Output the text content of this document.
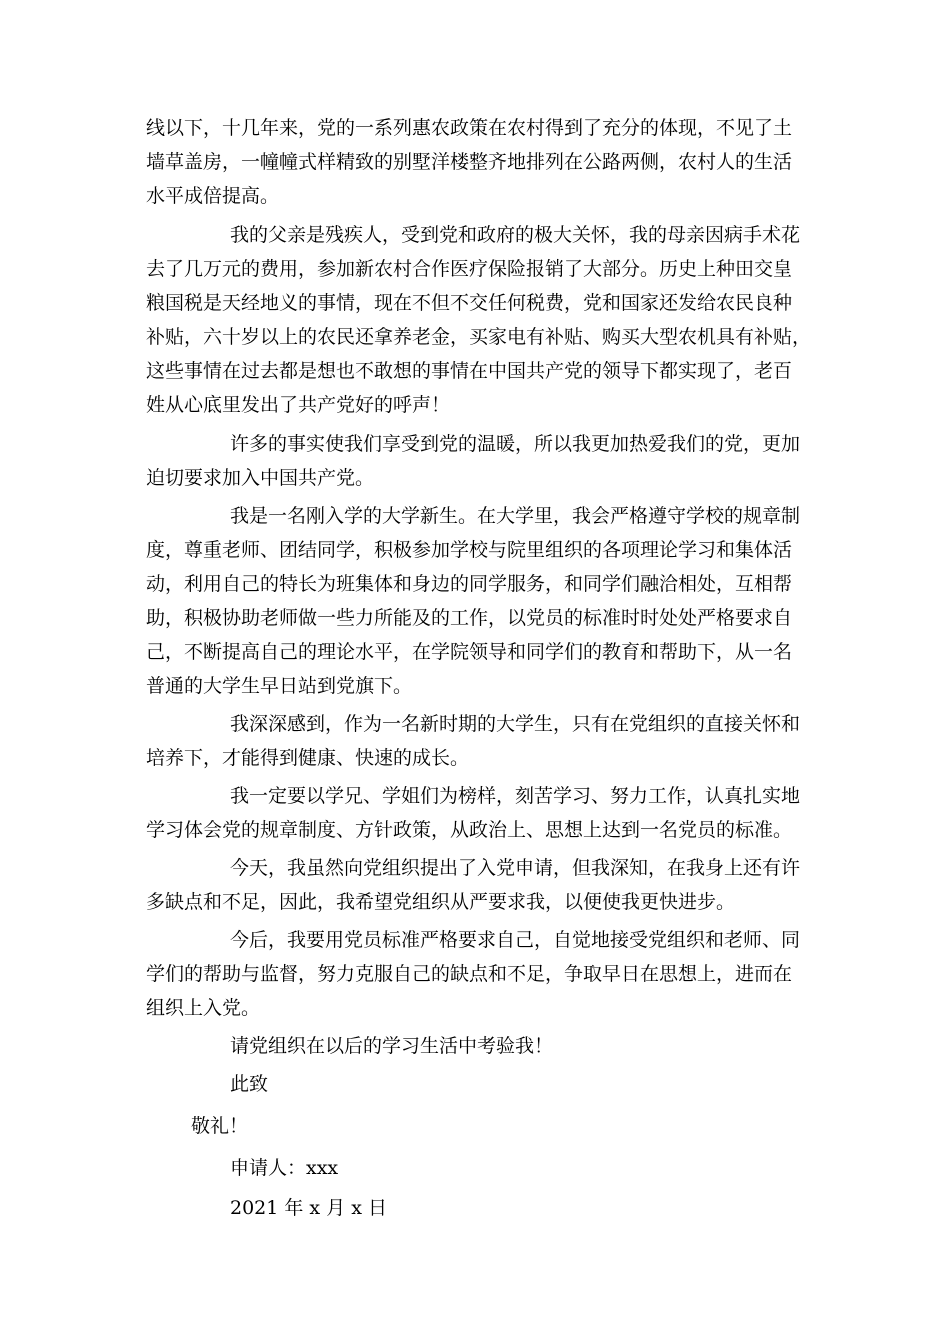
线以下，十几年来，党的一系列惠农政策在农村得到了充分的体现，不见了土
墙草盖房，一幢幢式样精致的别墅洋楼整齐地排列在公路两侧，农村人的生活
水平成倍提高。
我的父亲是残疾人，受到党和政府的极大关怀，我的母亲因病手术花
去了几万元的费用，参加新农村合作医疗保险报销了大部分。历史上种田交皇
粮国税是天经地义的事情，现在不但不交任何税费，党和国家还发给农民良种
补贴，六十岁以上的农民还拿养老金，买家电有补贴、购买大型农机具有补贴，
这些事情在过去都是想也不敢想的事情在中国共产党的领导下都实现了，老百
姓从心底里发出了共产党好的呼声！
许多的事实使我们享受到党的温暖，所以我更加热爱我们的党，更加
迫切要求加入中国共产党。
我是一名刚入学的大学新生。在大学里，我会严格遵守学校的规章制
度，尊重老师、团结同学，积极参加学校与院里组织的各项理论学习和集体活
动，利用自己的特长为班集体和身边的同学服务，和同学们融洽相处，互相帮
助，积极协助老师做一些力所能及的工作，以党员的标准时时处处严格要求自
己，不断提高自己的理论水平，在学院领导和同学们的教育和帮助下，从一名
普通的大学生早日站到党旗下。
我深深感到，作为一名新时期的大学生，只有在党组织的直接关怀和
培养下，才能得到健康、快速的成长。
我一定要以学兄、学姐们为榜样，刻苦学习、努力工作，认真扎实地
学习体会党的规章制度、方针政策，从政治上、思想上达到一名党员的标准。
今天，我虽然向党组织提出了入党申请，但我深知，在我身上还有许
多缺点和不足，因此，我希望党组织从严要求我，以便使我更快进步。
今后，我要用党员标准严格要求自己，自觉地接受党组织和老师、同
学们的帮助与监督，努力克服自己的缺点和不足，争取早日在思想上，进而在
组织上入党。
请党组织在以后的学习生活中考验我！
此致
敬礼！
申请人：xxx
2021 年 x 月 x 日
